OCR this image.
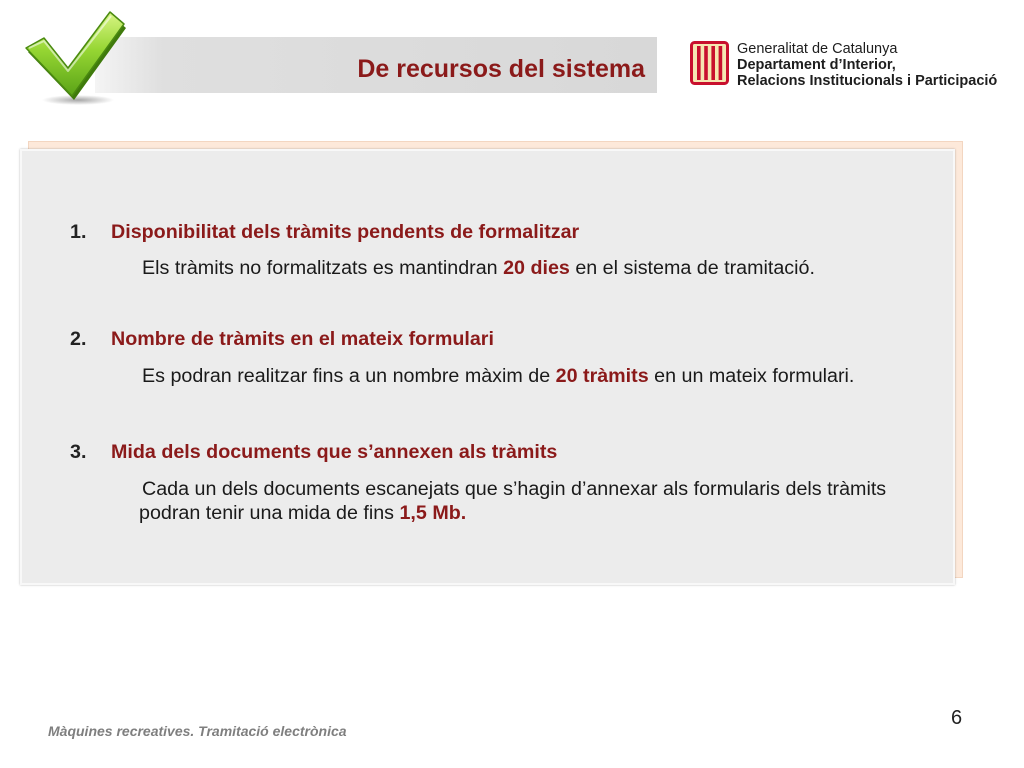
De recursos del sistema
Generalitat de Catalunya
Departament d’Interior,
Relacions Institucionals i Participació
1. Disponibilitat dels tràmits pendents de formalitzar
Els tràmits no formalitzats es mantindran 20 dies en el sistema de tramitació.
2. Nombre de tràmits en el mateix formulari
Es podran realitzar fins a un nombre màxim de 20 tràmits en un mateix formulari.
3. Mida dels documents que s’annexen als tràmits
Cada un dels documents escanejats que s’hagin d’annexar als formularis dels tràmits
podran tenir una mida de fins 1,5 Mb.
Màquines recreatives. Tramitació electrònica
6
